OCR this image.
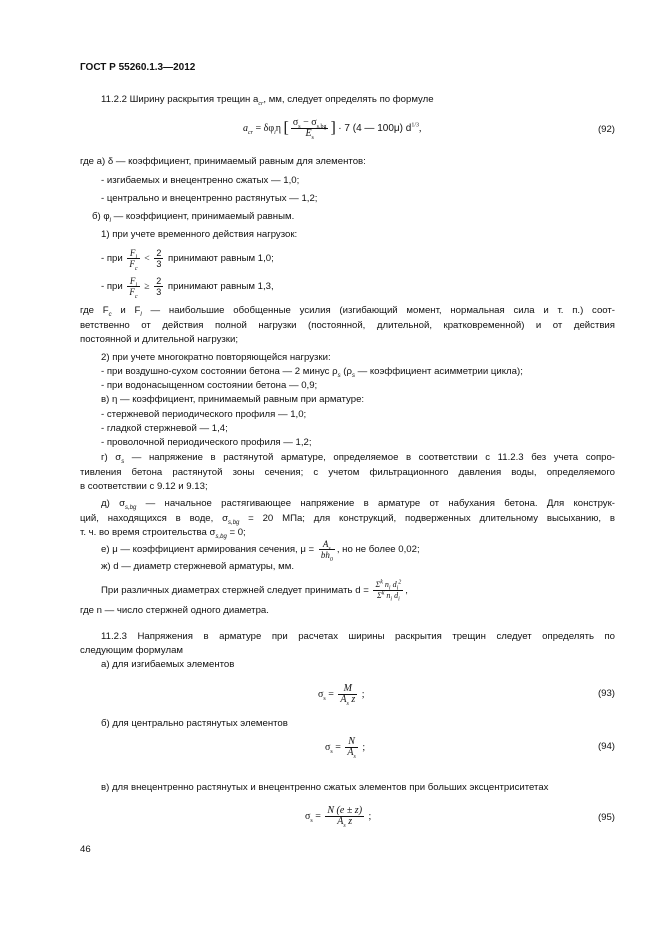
ГОСТ Р 55260.1.3—2012
11.2.2 Ширину раскрытия трещин $a_{cr}$, мм, следует определять по формуле
$a_{cr} = \delta\varphi_i\eta$ [ $\frac{\sigma_s - \sigma_{s,bg}}{E_s}$ ] · 7 (4 — 100μ) $d^{1/3}$,	(92)
где а) δ — коэффициент, принимаемый равным для элементов:
- изгибаемых и внецентренно сжатых — 1,0;
- центрально и внецентренно растянутых — 1,2;
б) $\varphi_l$ — коэффициент, принимаемый равным.
1) при учете временного действия нагрузок:
- при $\frac{F_l}{F_c} < \frac{2}{3}$ принимают равным 1,0;
- при $\frac{F_l}{F_c} \ge \frac{2}{3}$ принимают равным 1,3,
где $F_c$ и $F_l$ — наибольшие обобщенные усилия (изгибающий момент, нормальная сила и т. п.) соот-
ветственно от действия полной нагрузки (постоянной, длительной, кратковременной) и от действия
постоянной и длительной нагрузки;
2) при учете многократно повторяющейся нагрузки:
- при воздушно-сухом состоянии бетона — 2 минус $\rho_s$ ($\rho_s$ — коэффициент асимметрии цикла);
- при водонасыщенном состоянии бетона — 0,9;
в) η — коэффициент, принимаемый равным при арматуре:
- стержневой периодического профиля — 1,0;
- гладкой стержневой — 1,4;
- проволочной периодического профиля — 1,2;
г) $\sigma_s$ — напряжение в растянутой арматуре, определяемое в соответствии с 11.2.3 без учета сопро-
тивления бетона растянутой зоны сечения; с учетом фильтрационного давления воды, определяемого
в соответствии с 9.12 и 9.13;
д) $\sigma_{s,bg}$ — начальное растягивающее напряжение в арматуре от набухания бетона. Для конструк-
ций, находящихся в воде, $\sigma_{s,bg} = 20$ МПа; для конструкций, подверженных длительному высыханию, в
т. ч. во время строительства $\sigma_{s,bg} = 0$;
е) μ — коэффициент армирования сечения, $\mu = \frac{A_s}{bh_0}$ , но не более 0,02;
ж) d — диаметр стержневой арматуры, мм.
При различных диаметрах стержней следует принимать $d = \frac{\Sigma^k n_i d_i^2}{\Sigma^k n_i d_i}$ ,
где n — число стержней одного диаметра.
11.2.3 Напряжения в арматуре при расчетах ширины раскрытия трещин следует определять по
следующим формулам
а) для изгибаемых элементов
$\sigma_s = \frac{M}{A_s z}$ ;	(93)
б) для центрально растянутых элементов
$\sigma_s = \frac{N}{A_s}$ ;	(94)
в) для внецентренно растянутых и внецентренно сжатых элементов при больших эксцентриситетах
$\sigma_s = \frac{N (e \pm z)}{A_s z}$ ;	(95)
46
